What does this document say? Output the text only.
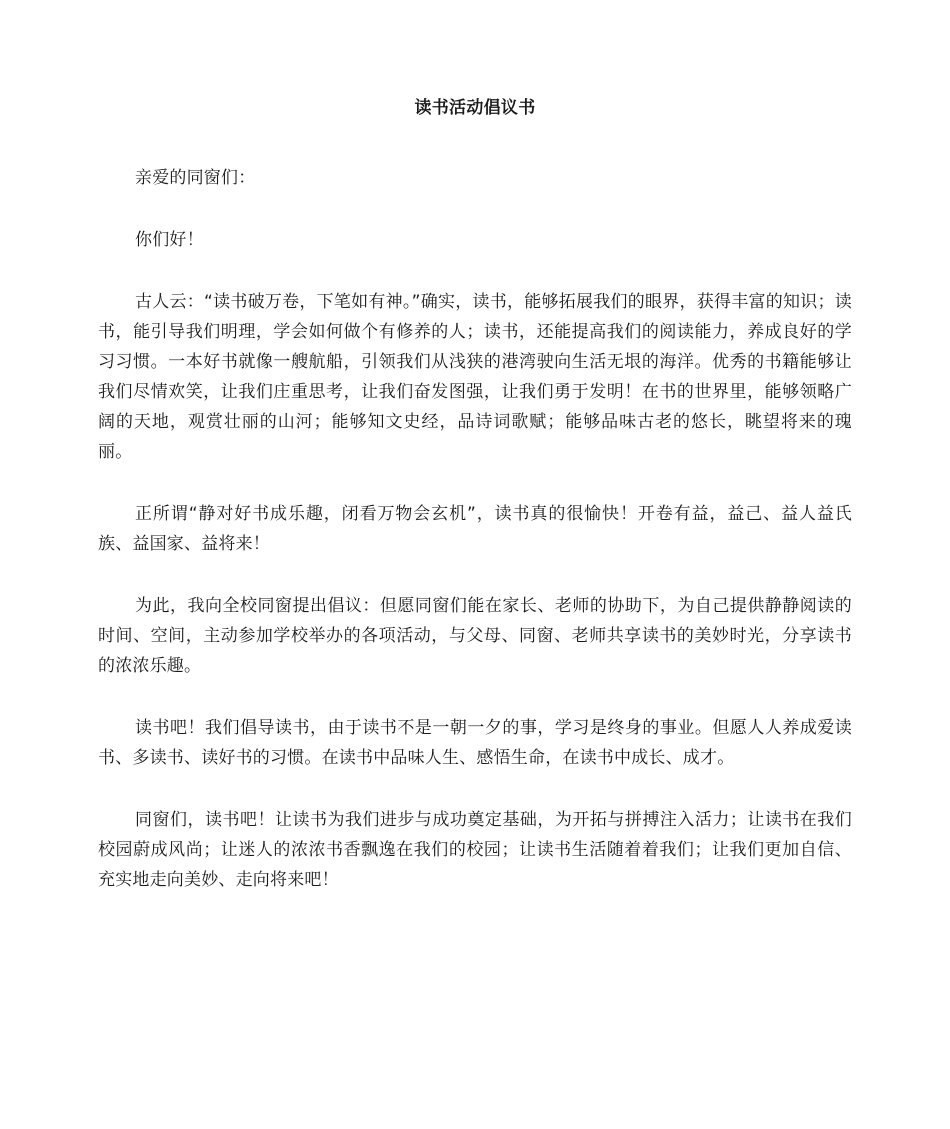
读书活动倡议书

亲爱的同窗们：

你们好！

古人云：“读书破万卷，下笔如有神。”确实，读书，能够拓展我们的眼界，获得丰富的知识；读书，能引导我们明理，学会如何做个有修养的人；读书，还能提高我们的阅读能力，养成良好的学习习惯。一本好书就像一艘航船，引领我们从浅狭的港湾驶向生活无垠的海洋。优秀的书籍能够让我们尽情欢笑，让我们庄重思考，让我们奋发图强，让我们勇于发明！在书的世界里，能够领略广阔的天地，观赏壮丽的山河；能够知文史经，品诗词歌赋；能够品味古老的悠长，眺望将来的瑰丽。

正所谓“静对好书成乐趣，闭看万物会玄机”，读书真的很愉快！开卷有益，益己、益人益氏族、益国家、益将来！

为此，我向全校同窗提出倡议：但愿同窗们能在家长、老师的协助下，为自己提供静静阅读的时间、空间，主动参加学校举办的各项活动，与父母、同窗、老师共享读书的美妙时光，分享读书的浓浓乐趣。

读书吧！我们倡导读书，由于读书不是一朝一夕的事，学习是终身的事业。但愿人人养成爱读书、多读书、读好书的习惯。在读书中品味人生、感悟生命，在读书中成长、成才。

同窗们，读书吧！让读书为我们进步与成功奠定基础，为开拓与拼搏注入活力；让读书在我们校园蔚成风尚；让迷人的浓浓书香飘逸在我们的校园；让读书生活随着着我们；让我们更加自信、充实地走向美妙、走向将来吧！
